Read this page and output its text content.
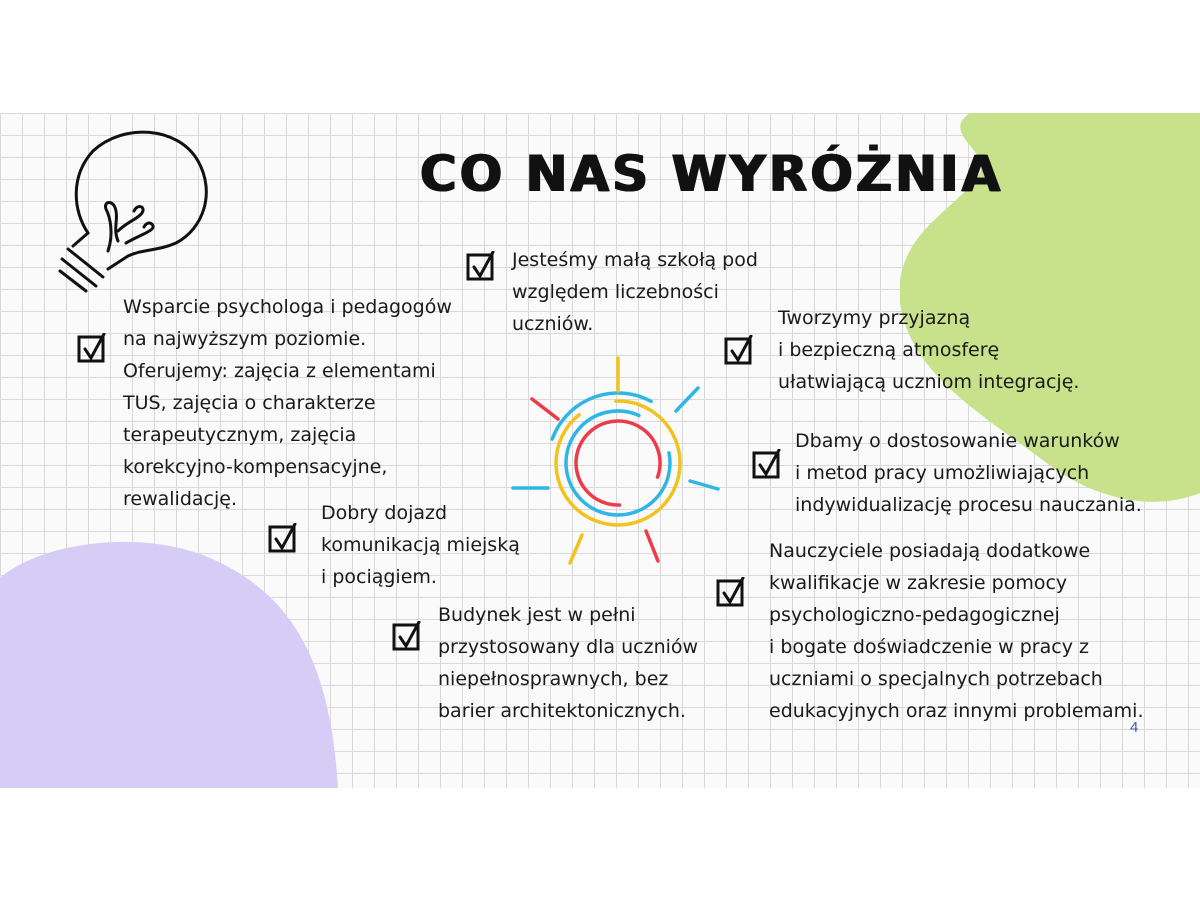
CO NAS WYRÓŻNIA

Jesteśmy małą szkołą pod
względem liczebności
uczniów.

Wsparcie psychologa i pedagogów
na najwyższym poziomie.
Oferujemy: zajęcia z elementami
TUS, zajęcia o charakterze
terapeutycznym, zajęcia
korekcyjno-kompensacyjne,
rewalidację.

Tworzymy przyjazną
i bezpieczną atmosferę
ułatwiającą uczniom integrację.

Dbamy o dostosowanie warunków
i metod pracy umożliwiających
indywidualizację procesu nauczania.

Dobry dojazd
komunikacją miejską
i pociągiem.

Nauczyciele posiadają dodatkowe
kwalifikacje w zakresie pomocy
psychologiczno-pedagogicznej
i bogate doświadczenie w pracy z
uczniami o specjalnych potrzebach
edukacyjnych oraz innymi problemami.

Budynek jest w pełni
przystosowany dla uczniów
niepełnosprawnych, bez
barier architektonicznych.

4
